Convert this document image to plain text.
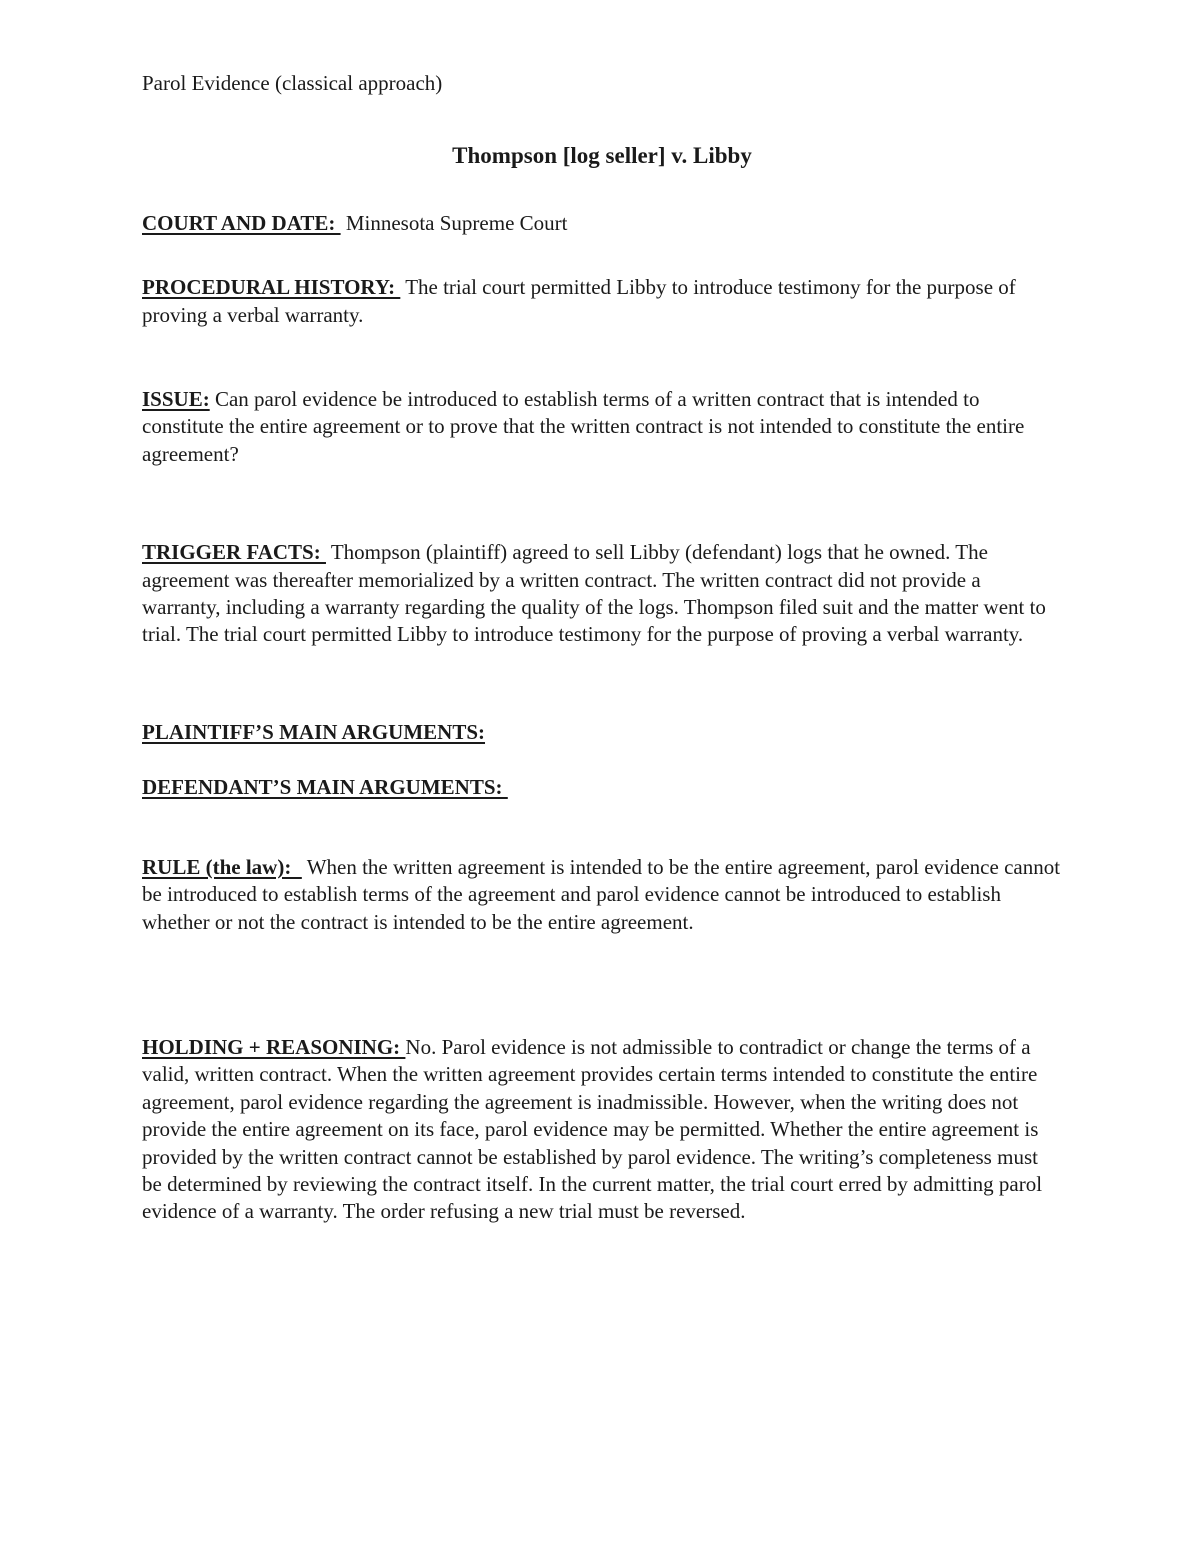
Parol Evidence (classical approach)

Thompson [log seller] v. Libby

COURT AND DATE:  Minnesota Supreme Court

PROCEDURAL HISTORY:  The trial court permitted Libby to introduce testimony for the purpose of proving a verbal warranty.

ISSUE: Can parol evidence be introduced to establish terms of a written contract that is intended to constitute the entire agreement or to prove that the written contract is not intended to constitute the entire agreement?

TRIGGER FACTS:  Thompson (plaintiff) agreed to sell Libby (defendant) logs that he owned. The agreement was thereafter memorialized by a written contract. The written contract did not provide a warranty, including a warranty regarding the quality of the logs. Thompson filed suit and the matter went to trial. The trial court permitted Libby to introduce testimony for the purpose of proving a verbal warranty.

PLAINTIFF’S MAIN ARGUMENTS:

DEFENDANT’S MAIN ARGUMENTS:

RULE (the law):   When the written agreement is intended to be the entire agreement, parol evidence cannot be introduced to establish terms of the agreement and parol evidence cannot be introduced to establish whether or not the contract is intended to be the entire agreement.

HOLDING + REASONING: No. Parol evidence is not admissible to contradict or change the terms of a valid, written contract. When the written agreement provides certain terms intended to constitute the entire agreement, parol evidence regarding the agreement is inadmissible. However, when the writing does not provide the entire agreement on its face, parol evidence may be permitted. Whether the entire agreement is provided by the written contract cannot be established by parol evidence. The writing’s completeness must be determined by reviewing the contract itself. In the current matter, the trial court erred by admitting parol evidence of a warranty. The order refusing a new trial must be reversed.
